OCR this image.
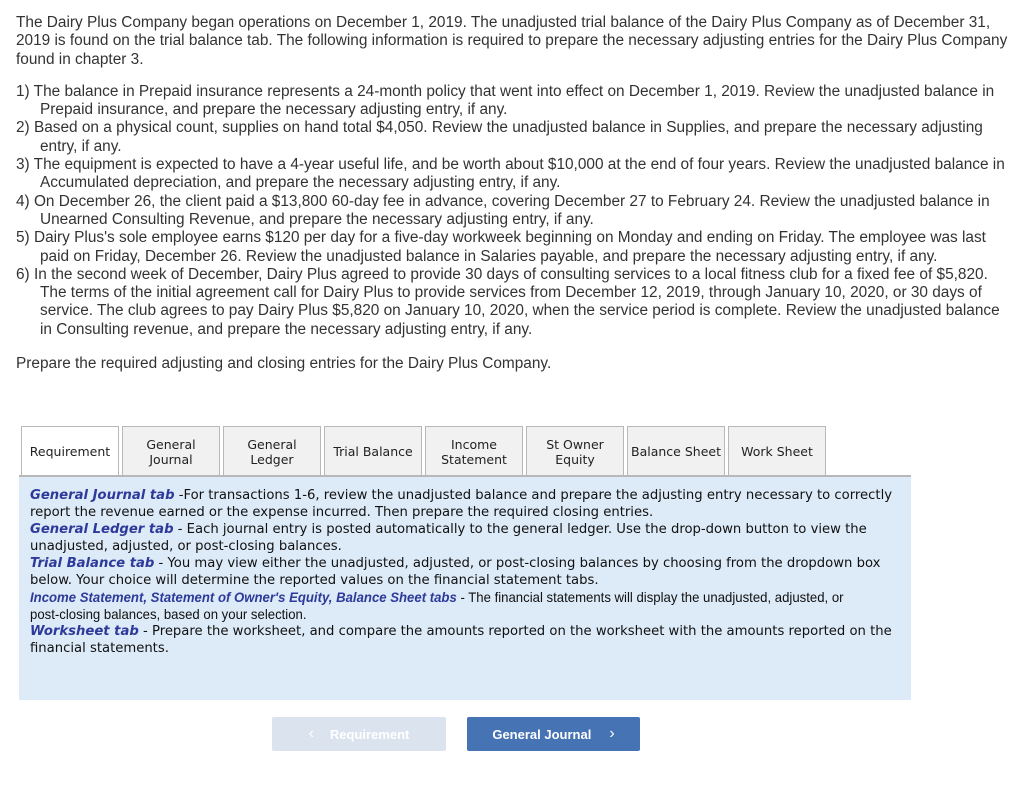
The Dairy Plus Company began operations on December 1, 2019. The unadjusted trial balance of the Dairy Plus Company as of December 31, 2019 is found on the trial balance tab. The following information is required to prepare the necessary adjusting entries for the Dairy Plus Company found in chapter 3.

1) The balance in Prepaid insurance represents a 24-month policy that went into effect on December 1, 2019. Review the unadjusted balance in Prepaid insurance, and prepare the necessary adjusting entry, if any.
2) Based on a physical count, supplies on hand total $4,050. Review the unadjusted balance in Supplies, and prepare the necessary adjusting entry, if any.
3) The equipment is expected to have a 4-year useful life, and be worth about $10,000 at the end of four years. Review the unadjusted balance in Accumulated depreciation, and prepare the necessary adjusting entry, if any.
4) On December 26, the client paid a $13,800 60-day fee in advance, covering December 27 to February 24. Review the unadjusted balance in Unearned Consulting Revenue, and prepare the necessary adjusting entry, if any.
5) Dairy Plus's sole employee earns $120 per day for a five-day workweek beginning on Monday and ending on Friday. The employee was last paid on Friday, December 26. Review the unadjusted balance in Salaries payable, and prepare the necessary adjusting entry, if any.
6) In the second week of December, Dairy Plus agreed to provide 30 days of consulting services to a local fitness club for a fixed fee of $5,820. The terms of the initial agreement call for Dairy Plus to provide services from December 12, 2019, through January 10, 2020, or 30 days of service. The club agrees to pay Dairy Plus $5,820 on January 10, 2020, when the service period is complete. Review the unadjusted balance in Consulting revenue, and prepare the necessary adjusting entry, if any.

Prepare the required adjusting and closing entries for the Dairy Plus Company.

Requirement	General
Journal
General
Ledger	Trial Balance	Income
Statement
St Owner
Equity	Balance Sheet Work Sheet

General Journal tab -For transactions 1-6, review the unadjusted balance and prepare the adjusting entry necessary to correctly report the revenue earned or the expense incurred. Then prepare the required closing entries.

General Ledger tab - Each journal entry is posted automatically to the general ledger. Use the drop-down button to view the unadjusted, adjusted, or post-closing balances.

Trial Balance tab - You may view either the unadjusted, adjusted, or post-closing balances by choosing from the dropdown box below. Your choice will determine the reported values on the financial statement tabs.

Income Statement, Statement of Owner's Equity, Balance Sheet tabs - The financial statements will display the unadjusted, adjusted, or post-closing balances, based on your selection.

Worksheet tab - Prepare the worksheet, and compare the amounts reported on the worksheet with the amounts reported on the financial statements.

‹ Requirement	General Journal ›
